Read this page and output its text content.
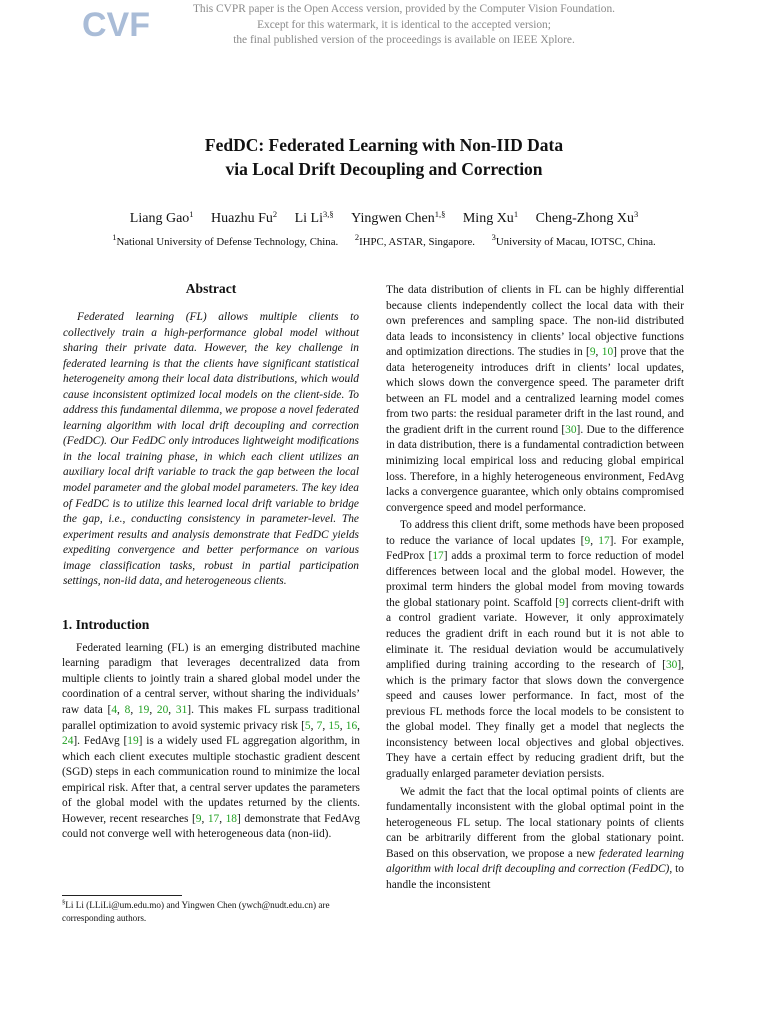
CVF	This CVPR paper is the Open Access version, provided by the Computer Vision Foundation.
Except for this watermark, it is identical to the accepted version;
the final published version of the proceedings is available on IEEE Xplore.
FedDC: Federated Learning with Non-IID Data
via Local Drift Decoupling and Correction
Liang Gao$^1$ Huazhu Fu$^2$ Li $Li^{3,\S}$ Yingwen Chen$^{1,\S}$ Ming Xu$^1$ Cheng-Zhong Xu$^3$
$^1$National University of Defense Technology, China. $^2$IHPC, ASTAR, Singapore. $^3$University of Macau, IOTSC, China.
Abstract

Federated learning (FL) allows multiple clients to collectively train a high-performance global model without sharing their private data. However, the key challenge in federated learning is that the clients have significant statistical heterogeneity among their local data distributions, which would cause inconsistent optimized local models on the client-side. To address this fundamental dilemma, we propose a novel federated learning algorithm with local drift decoupling and correction (FedDC). Our FedDC only introduces lightweight modifications in the local training phase, in which each client utilizes an auxiliary local drift variable to track the gap between the local model parameter and the global model parameters. The key idea of FedDC is to utilize this learned local drift variable to bridge the gap, i.e., conducting consistency in parameter-level. The experiment results and analysis demonstrate that FedDC yields expediting convergence and better performance on various image classification tasks, robust in partial participation settings, non-iid data, and heterogeneous clients.

1. Introduction

Federated learning (FL) is an emerging distributed machine learning paradigm that leverages decentralized data from multiple clients to jointly train a shared global model under the coordination of a central server, without sharing the individuals’ raw data [4, 8, 19, 20, 31]. This makes FL surpass traditional parallel optimization to avoid systemic privacy risk [5, 7, 15, 16, 24]. FedAvg [19] is a widely used FL aggregation algorithm, in which each client executes multiple stochastic gradient descent (SGD) steps in each communication round to minimize the local empirical risk. After that, a central server updates the parameters of the global model with the updates returned by the clients. However, recent researches [9, 17, 18] demonstrate that FedAvg could not converge well with heterogeneous data (non-iid).

The data distribution of clients in FL can be highly differential because clients independently collect the local data with their own preferences and sampling space. The non-iid distributed data leads to inconsistency in clients’ local objective functions and optimization directions. The studies in [9, 10] prove that the data heterogeneity introduces drift in clients’ local updates, which slows down the convergence speed. The parameter drift between an FL model and a centralized learning model comes from two parts: the residual parameter drift in the last round, and the gradient drift in the current round [30]. Due to the difference in data distribution, there is a fundamental contradiction between minimizing local empirical loss and reducing global empirical loss. Therefore, in a highly heterogeneous environment, FedAvg lacks a convergence guarantee, which only obtains compromised convergence speed and model performance.

To address this client drift, some methods have been proposed to reduce the variance of local updates [9, 17]. For example, FedProx [17] adds a proximal term to force reduction of model differences between local and the global model. However, the proximal term hinders the global model from moving towards the global stationary point. Scaffold [9] corrects client-drift with a control gradient variate. However, it only approximately reduces the gradient drift in each round but it is not able to eliminate it. The residual deviation would be accumulatively amplified during training according to the research of [30], which is the primary factor that slows down the convergence speed and causes lower performance. In fact, most of the previous FL methods force the local models to be consistent to the global model. They finally get a model that neglects the inconsistency between local objectives and global objectives. They have a certain effect by reducing gradient drift, but the gradually enlarged parameter deviation persists.

We admit the fact that the local optimal points of clients are fundamentally inconsistent with the global optimal point in the heterogeneous FL setup. The local stationary points of clients can be arbitrarily different from the global stationary point. Based on this observation, we propose a new federated learning algorithm with local drift decoupling and correction (FedDC), to handle the inconsistent

§Li Li (LLiLi@um.edu.mo) and Yingwen Chen (ywch@nudt.edu.cn) are corresponding authors.
